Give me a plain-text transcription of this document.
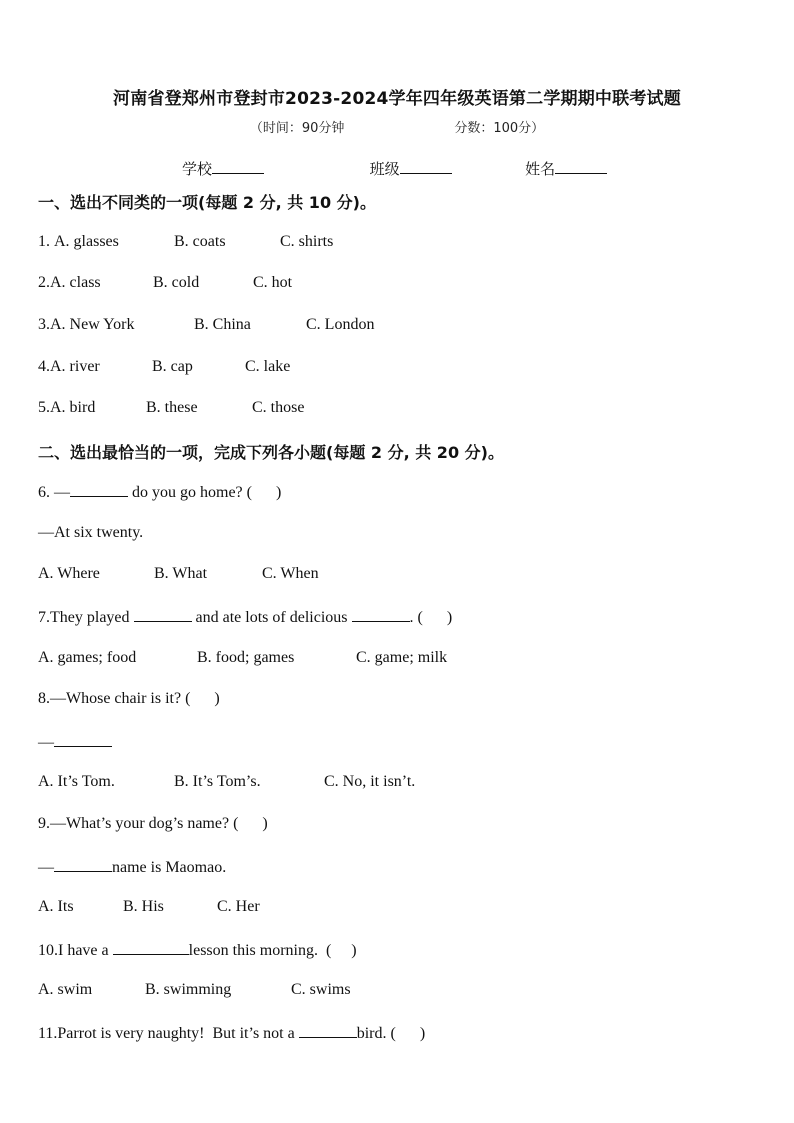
河南省登郑州市登封市2023-2024学年四年级英语第二学期期中联考试题
（时间：90分钟	分数：100分）
学校	班级	姓名
一、选出不同类的一项(每题 2 分, 共 10 分)。
1. A. glasses	B. coats	C. shirts
2.A. class	B. cold	C. hot
3.A. New York	B. China	C. London
4.A. river	B. cap	C. lake
5.A. bird	B. these	C. those
二、选出最恰当的一项，完成下列各小题(每题 2 分, 共 20 分)。
6. —	do you go home? (      )
—At six twenty.
A. Where	B. What	C. When
7.They played	and ate lots of delicious	. (      )
A. games; food	B. food; games	C. game; milk
8.—Whose chair is it? (      )
—
A. It’s Tom.	B. It’s Tom’s.	C. No, it isn’t.
9.—What’s your dog’s name? (      )
—	name is Maomao.
A. Its	B. His	C. Her
10.I have a	lesson this morning.  (     )
A. swim	B. swimming	C. swims
11.Parrot is very naughty!  But it’s not a	bird. (      )
